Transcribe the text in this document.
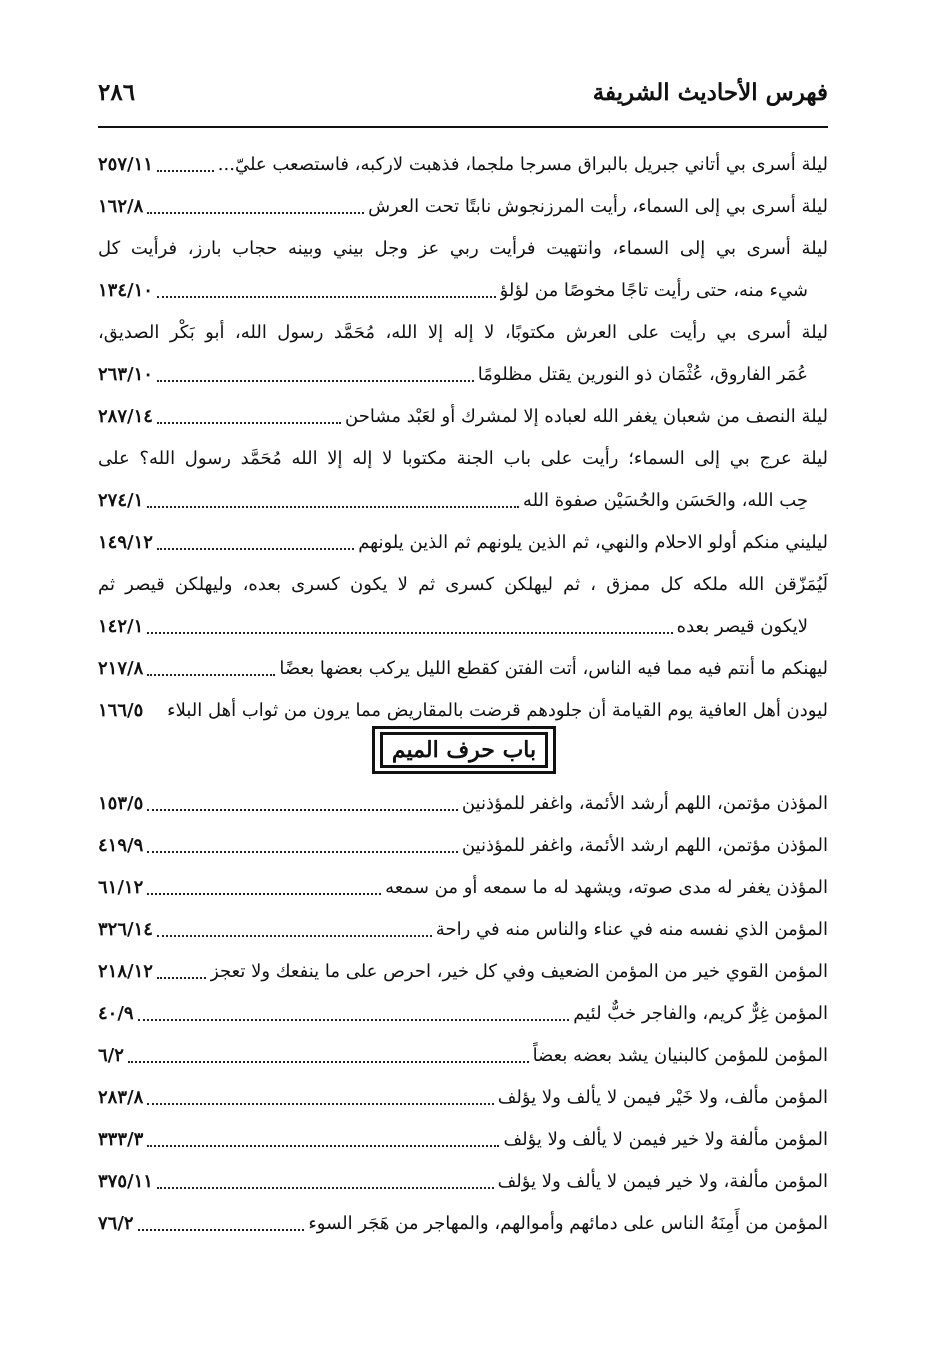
فهرس الأحاديث الشريفة
٢٨٦
ليلة أسرى بي أتاني جبريل بالبراق مسرجا ملجما، فذهبت لاركبه، فاستصعب عليّ...
٢٥٧/١١
ليلة أسرى بي إلى السماء، رأيت المرزنجوش نابتًا تحت العرش
١٦٢/٨
ليلة أسرى بي إلى السماء، وانتهيت فرأيت ربي عز وجل بيني وبينه حجاب بارز، فرأيت كل
شيء منه، حتى رأيت تاجًا مخوصًا من لؤلؤ
١٣٤/١٠
ليلة أسرى بي رأيت على العرش مكتوبًا، لا إله إلا الله، مُحَمَّد رسول الله، أبو بَكْر الصديق،
عُمَر الفاروق، عُثْمَان ذو النورين يقتل مظلومًا
٢٦٣/١٠
ليلة النصف من شعبان يغفر الله لعباده إلا لمشرك أو لعَبْد مشاحن
٢٨٧/١٤
ليلة عرج بي إلى السماء؛ رأيت على باب الجنة مكتوبا لا إله إلا الله مُحَمَّد رسول الله؟ على
حِب الله، والحَسَن والحُسَيْن صفوة الله
٢٧٤/١
ليليني منكم أولو الاحلام والنهي، ثم الذين يلونهم ثم الذين يلونهم
١٤٩/١٢
لَيُمَزّقن الله ملكه كل ممزق ، ثم ليهلكن كسرى ثم لا يكون كسرى بعده، وليهلكن قيصر ثم
لايكون قيصر بعده
١٤٢/١
ليهنكم ما أنتم فيه مما فيه الناس، أتت الفتن كقطع الليل يركب بعضها بعضًا
٢١٧/٨
ليودن أهل العافية يوم القيامة أن جلودهم قرضت بالمقاريض مما يرون من ثواب أهل البلاء
١٦٦/٥
باب حرف الميم
المؤذن مؤتمن، اللهم أرشد الأئمة، واغفر للمؤذنين
١٥٣/٥
المؤذن مؤتمن، اللهم ارشد الأئمة، واغفر للمؤذنين
٤١٩/٩
المؤذن يغفر له مدى صوته، ويشهد له ما سمعه أو من سمعه
٦١/١٢
المؤمن الذي نفسه منه في عناء والناس منه في راحة
٣٢٦/١٤
المؤمن القوي خير من المؤمن الضعيف وفي كل خير، احرص على ما ينفعك ولا تعجز
٢١٨/١٢
المؤمن غِرٌّ كريم، والفاجر خبٌّ لئيم
٤٠/٩
المؤمن للمؤمن كالبنيان يشد بعضه بعضاً
٦/٢
المؤمن مألف، ولا خَيْر فيمن لا يألف ولا يؤلف
٢٨٣/٨
المؤمن مألفة ولا خير فيمن لا يألف ولا يؤلف
٣٣٣/٣
المؤمن مألفة، ولا خير فيمن لا يألف ولا يؤلف
٣٧٥/١١
المؤمن من أَمِنَهُ الناس على دمائهم وأموالهم، والمهاجر من هَجَر السوء
٧٦/٢
